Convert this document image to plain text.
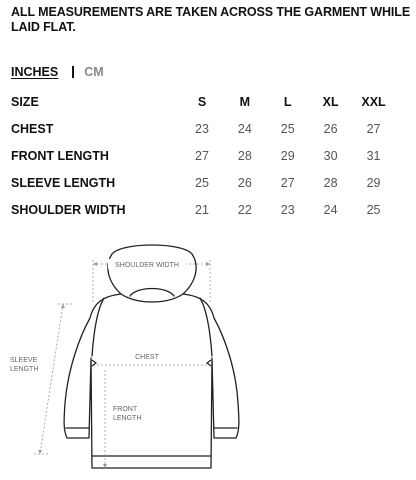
ALL MEASUREMENTS ARE TAKEN ACROSS THE GARMENT WHILE LAID FLAT.
INCHES CM
SIZE	S	M	L	XL	XXL
CHEST	23	24	25	26	27
FRONT LENGTH	27	28	29	30	31
SLEEVE LENGTH	25	26	27	28	29
SHOULDER WIDTH	21	22	23	24	25
SHOULDER WIDTH
CHEST
FRONT
LENGTH
SLEEVE
LENGTH
